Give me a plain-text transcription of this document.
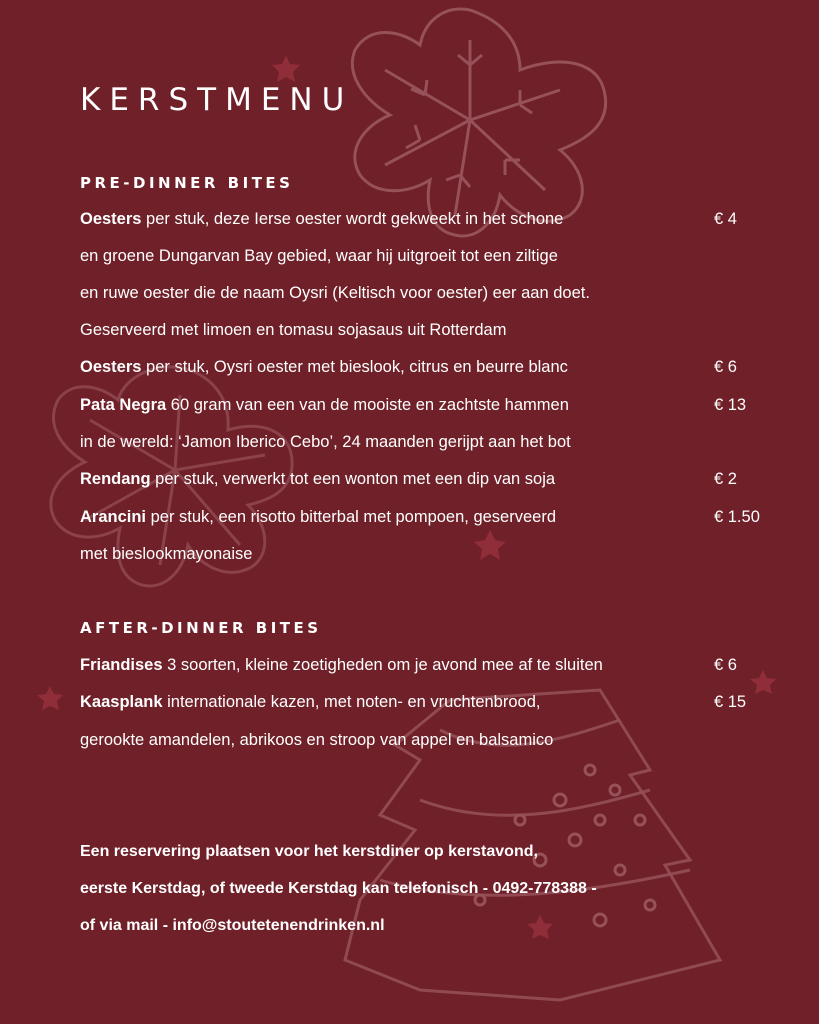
KERSTMENU
PRE-DINNER BITES
Oesters per stuk, deze Ierse oester wordt gekweekt in het schone	€ 4
en groene Dungarvan Bay gebied, waar hij uitgroeit tot een ziltige
en ruwe oester die de naam Oysri (Keltisch voor oester) eer aan doet.
Geserveerd met limoen en tomasu sojasaus uit Rotterdam
Oesters per stuk, Oysri oester met bieslook, citrus en beurre blanc	€ 6
Pata Negra 60 gram van een van de mooiste en zachtste hammen	€ 13
in de wereld: ‘Jamon Iberico Cebo’, 24 maanden gerijpt aan het bot
Rendang per stuk, verwerkt tot een wonton met een dip van soja	€ 2
Arancini per stuk, een risotto bitterbal met pompoen, geserveerd	€ 1.50
met bieslookmayonaise
AFTER-DINNER BITES
Friandises 3 soorten, kleine zoetigheden om je avond mee af te sluiten	€ 6
Kaasplank internationale kazen, met noten- en vruchtenbrood,	€ 15
gerookte amandelen, abrikoos en stroop van appel en balsamico
Een reservering plaatsen voor het kerstdiner op kerstavond,
eerste Kerstdag, of tweede Kerstdag kan telefonisch - 0492-778388 -
of via mail - info@stoutetenendrinken.nl
